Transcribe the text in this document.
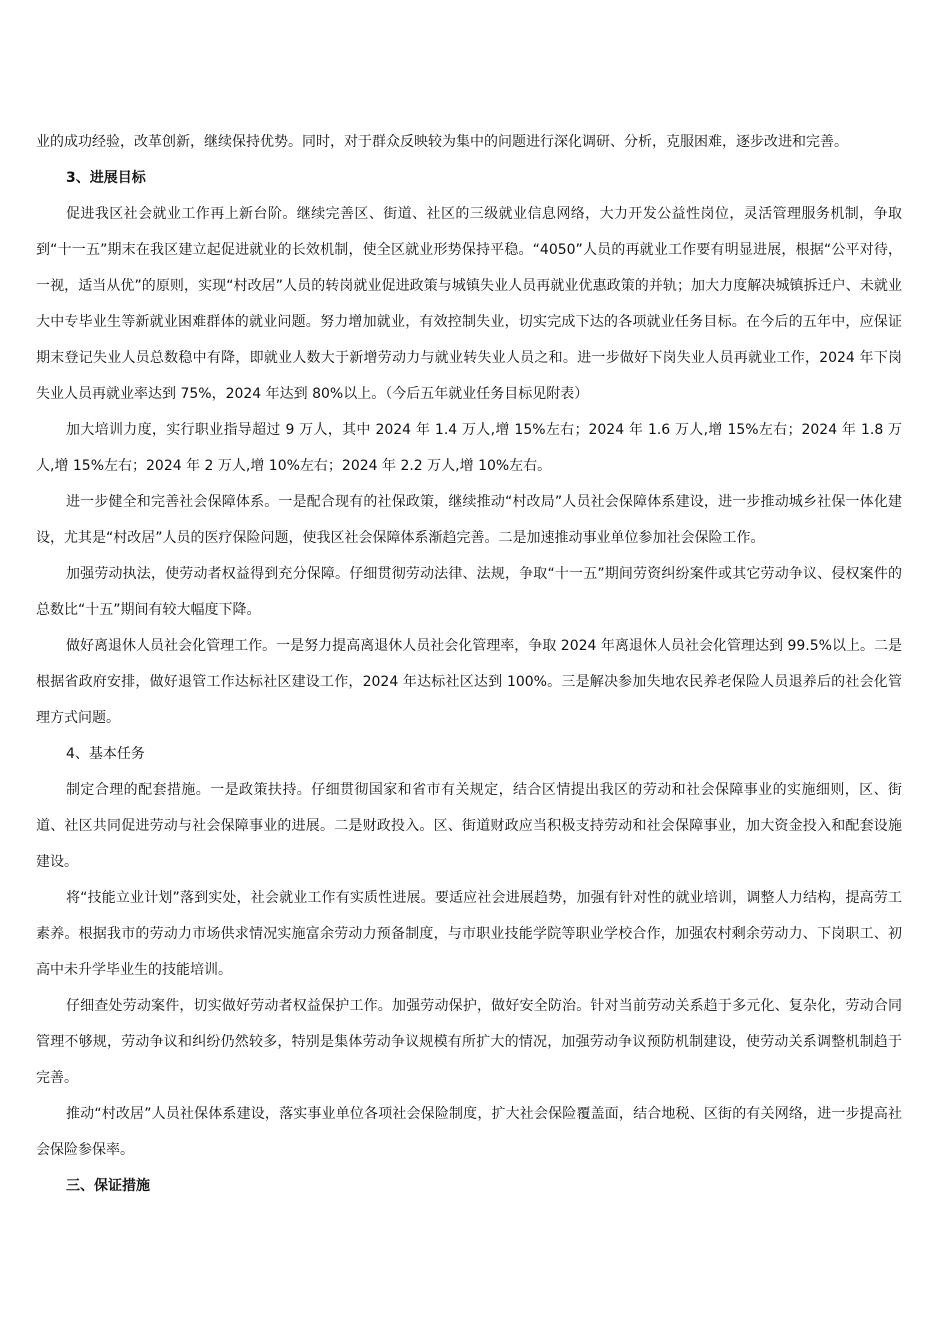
业的成功经验，改革创新，继续保持优势。同时，对于群众反映较为集中的问题进行深化调研、分析，克服困难，逐步改进和完善。

3、进展目标

促进我区社会就业工作再上新台阶。继续完善区、街道、社区的三级就业信息网络，大力开发公益性岗位，灵活管理服务机制，争取到“十一五”期末在我区建立起促进就业的长效机制，使全区就业形势保持平稳。“4050”人员的再就业工作要有明显进展，根据“公平对待，一视，适当从优”的原则，实现“村改居”人员的转岗就业促进政策与城镇失业人员再就业优惠政策的并轨；加大力度解决城镇拆迁户、未就业大中专毕业生等新就业困难群体的就业问题。努力增加就业，有效控制失业，切实完成下达的各项就业任务目标。在今后的五年中，应保证期末登记失业人员总数稳中有降，即就业人数大于新增劳动力与就业转失业人员之和。进一步做好下岗失业人员再就业工作，2024 年下岗失业人员再就业率达到 75%，2024 年达到 80%以上。（今后五年就业任务目标见附表）

加大培训力度，实行职业指导超过 9 万人，其中 2024 年 1.4 万人,增 15%左右；2024 年 1.6 万人,增 15%左右；2024 年 1.8 万人,增 15%左右；2024 年 2 万人,增 10%左右；2024 年 2.2 万人,增 10%左右。

进一步健全和完善社会保障体系。一是配合现有的社保政策，继续推动“村改局”人员社会保障体系建设，进一步推动城乡社保一体化建设，尤其是“村改居”人员的医疗保险问题，使我区社会保障体系渐趋完善。二是加速推动事业单位参加社会保险工作。

加强劳动执法，使劳动者权益得到充分保障。仔细贯彻劳动法律、法规，争取“十一五”期间劳资纠纷案件或其它劳动争议、侵权案件的总数比“十五”期间有较大幅度下降。

做好离退休人员社会化管理工作。一是努力提高离退休人员社会化管理率，争取 2024 年离退休人员社会化管理达到 99.5%以上。二是根据省政府安排，做好退管工作达标社区建设工作，2024 年达标社区达到 100%。三是解决参加失地农民养老保险人员退养后的社会化管理方式问题。

4、基本任务

制定合理的配套措施。一是政策扶持。仔细贯彻国家和省市有关规定，结合区情提出我区的劳动和社会保障事业的实施细则，区、街道、社区共同促进劳动与社会保障事业的进展。二是财政投入。区、街道财政应当积极支持劳动和社会保障事业，加大资金投入和配套设施建设。

将“技能立业计划”落到实处，社会就业工作有实质性进展。要适应社会进展趋势，加强有针对性的就业培训，调整人力结构，提高劳工素养。根据我市的劳动力市场供求情况实施富余劳动力预备制度，与市职业技能学院等职业学校合作，加强农村剩余劳动力、下岗职工、初高中未升学毕业生的技能培训。

仔细查处劳动案件，切实做好劳动者权益保护工作。加强劳动保护，做好安全防治。针对当前劳动关系趋于多元化、复杂化，劳动合同管理不够规，劳动争议和纠纷仍然较多，特别是集体劳动争议规模有所扩大的情况，加强劳动争议预防机制建设，使劳动关系调整机制趋于完善。

推动“村改居”人员社保体系建设，落实事业单位各项社会保险制度，扩大社会保险覆盖面，结合地税、区街的有关网络，进一步提高社会保险参保率。

三、保证措施
